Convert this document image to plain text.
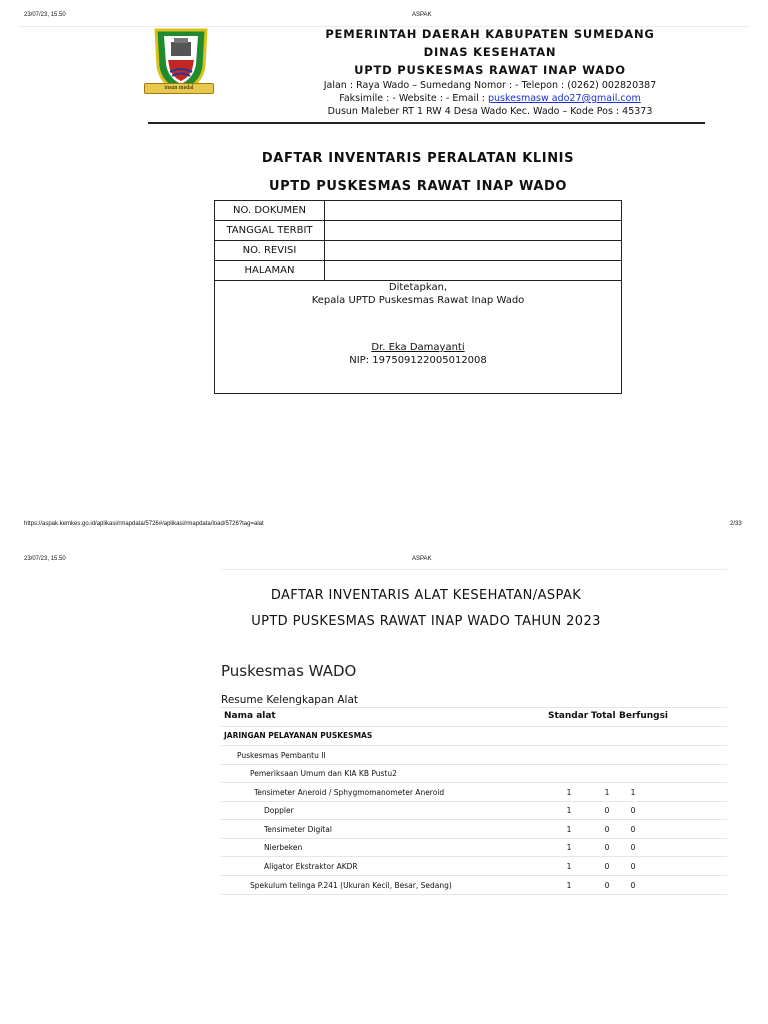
23/07/23, 15.50	ASPAK
insun medal
PEMERINTAH DAERAH KABUPATEN SUMEDANG
DINAS KESEHATAN
UPTD PUSKESMAS RAWAT INAP WADO
Jalan : Raya Wado – Sumedang Nomor : - Telepon : (0262) 002820387
Faksimile : - Website : - Email : puskesmasw ado27@gmail.com
Dusun Maleber RT 1 RW 4 Desa Wado Kec. Wado – Kode Pos : 45373
DAFTAR INVENTARIS PERALATAN KLINIS
UPTD PUSKESMAS RAWAT INAP WADO
NO. DOKUMEN	
TANGGAL TERBIT	
NO. REVISI	
HALAMAN	
Ditetapkan,
Kepala UPTD Puskesmas Rawat Inap Wado
Dr. Eka Damayanti
NIP: 197509122005012008
https://aspak.kemkes.go.id/aplikasi/rmapdata/5726#/aplikasi/rmapdata/load/5726?tag=alat	2/33
23/07/23, 15.50	ASPAK
DAFTAR INVENTARIS ALAT KESEHATAN/ASPAK
UPTD PUSKESMAS RAWAT INAP WADO TAHUN 2023
Puskesmas WADO
Resume Kelengkapan Alat
Nama alat	Standar Total Berfungsi
JARINGAN PELAYANAN PUSKESMAS
Puskesmas Pembantu II
Pemeriksaan Umum dan KIA KB Pustu2
Tensimeter Aneroid / Sphygmomanometer Aneroid	1	1	1
Doppler	1	0	0
Tensimeter Digital	1	0	0
Nierbeken	1	0	0
Aligator Ekstraktor AKDR	1	0	0
Spekulum telinga P.241 (Ukuran Kecil, Besar, Sedang)	1	0	0
